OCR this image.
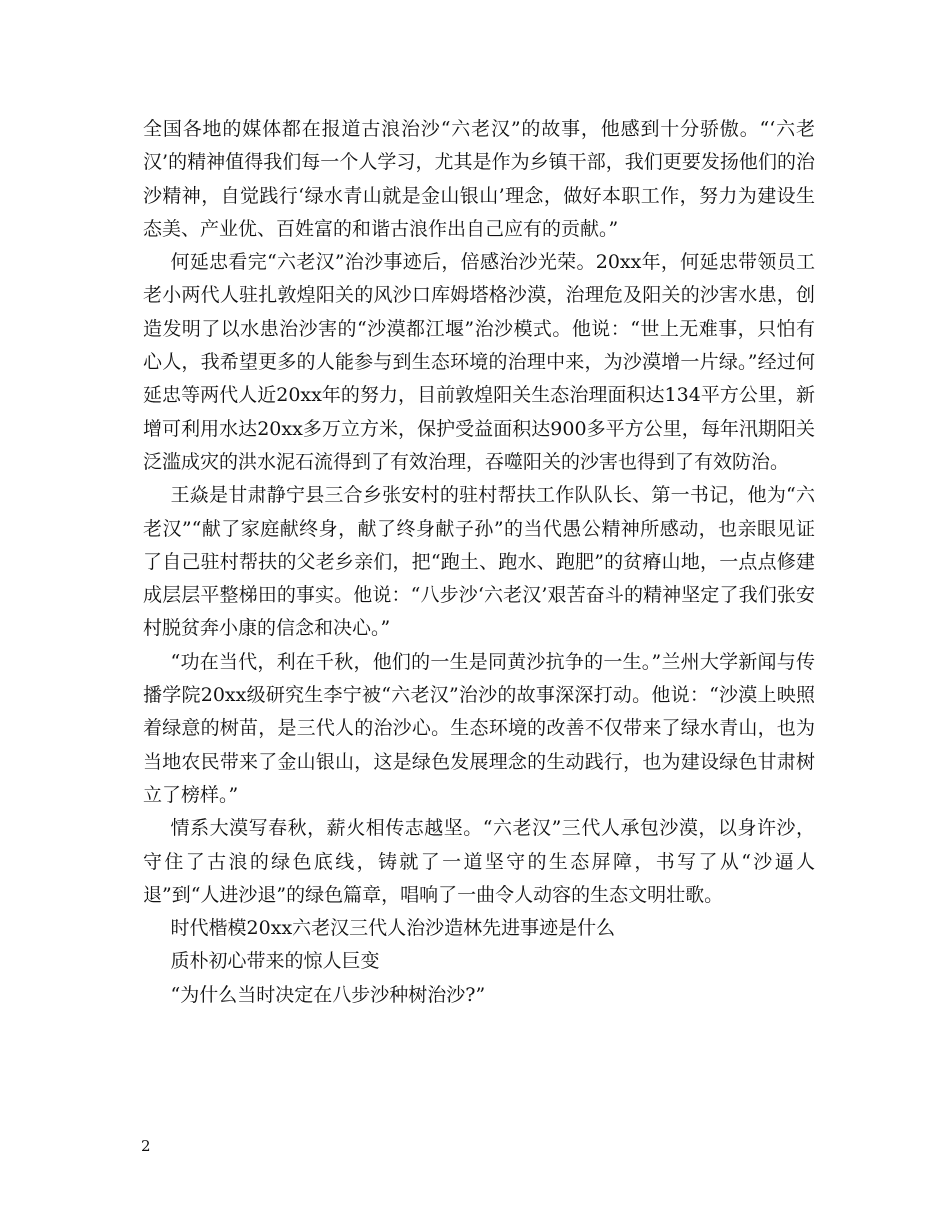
全国各地的媒体都在报道古浪治沙“六老汉”的故事，他感到十分骄傲。“‘六老汉’的精神值得我们每一个人学习，尤其是作为乡镇干部，我们更要发扬他们的治沙精神，自觉践行‘绿水青山就是金山银山’理念，做好本职工作，努力为建设生态美、产业优、百姓富的和谐古浪作出自己应有的贡献。”

何延忠看完“六老汉”治沙事迹后，倍感治沙光荣。20xx年，何延忠带领员工老小两代人驻扎敦煌阳关的风沙口库姆塔格沙漠，治理危及阳关的沙害水患，创造发明了以水患治沙害的“沙漠都江堰”治沙模式。他说：“世上无难事，只怕有心人，我希望更多的人能参与到生态环境的治理中来，为沙漠增一片绿。”经过何延忠等两代人近20xx年的努力，目前敦煌阳关生态治理面积达134平方公里，新增可利用水达20xx多万立方米，保护受益面积达900多平方公里，每年汛期阳关泛滥成灾的洪水泥石流得到了有效治理，吞噬阳关的沙害也得到了有效防治。

王焱是甘肃静宁县三合乡张安村的驻村帮扶工作队队长、第一书记，他为“六老汉”“献了家庭献终身，献了终身献子孙”的当代愚公精神所感动，也亲眼见证了自己驻村帮扶的父老乡亲们，把“跑土、跑水、跑肥”的贫瘠山地，一点点修建成层层平整梯田的事实。他说：“八步沙‘六老汉’艰苦奋斗的精神坚定了我们张安村脱贫奔小康的信念和决心。”

“功在当代，利在千秋，他们的一生是同黄沙抗争的一生。”兰州大学新闻与传播学院20xx级研究生李宁被“六老汉”治沙的故事深深打动。他说：“沙漠上映照着绿意的树苗，是三代人的治沙心。生态环境的改善不仅带来了绿水青山，也为当地农民带来了金山银山，这是绿色发展理念的生动践行，也为建设绿色甘肃树立了榜样。”

情系大漠写春秋，薪火相传志越坚。“六老汉”三代人承包沙漠，以身许沙，守住了古浪的绿色底线，铸就了一道坚守的生态屏障，书写了从“沙逼人退”到“人进沙退”的绿色篇章，唱响了一曲令人动容的生态文明壮歌。

时代楷模20xx六老汉三代人治沙造林先进事迹是什么

质朴初心带来的惊人巨变

“为什么当时决定在八步沙种树治沙?”

2
